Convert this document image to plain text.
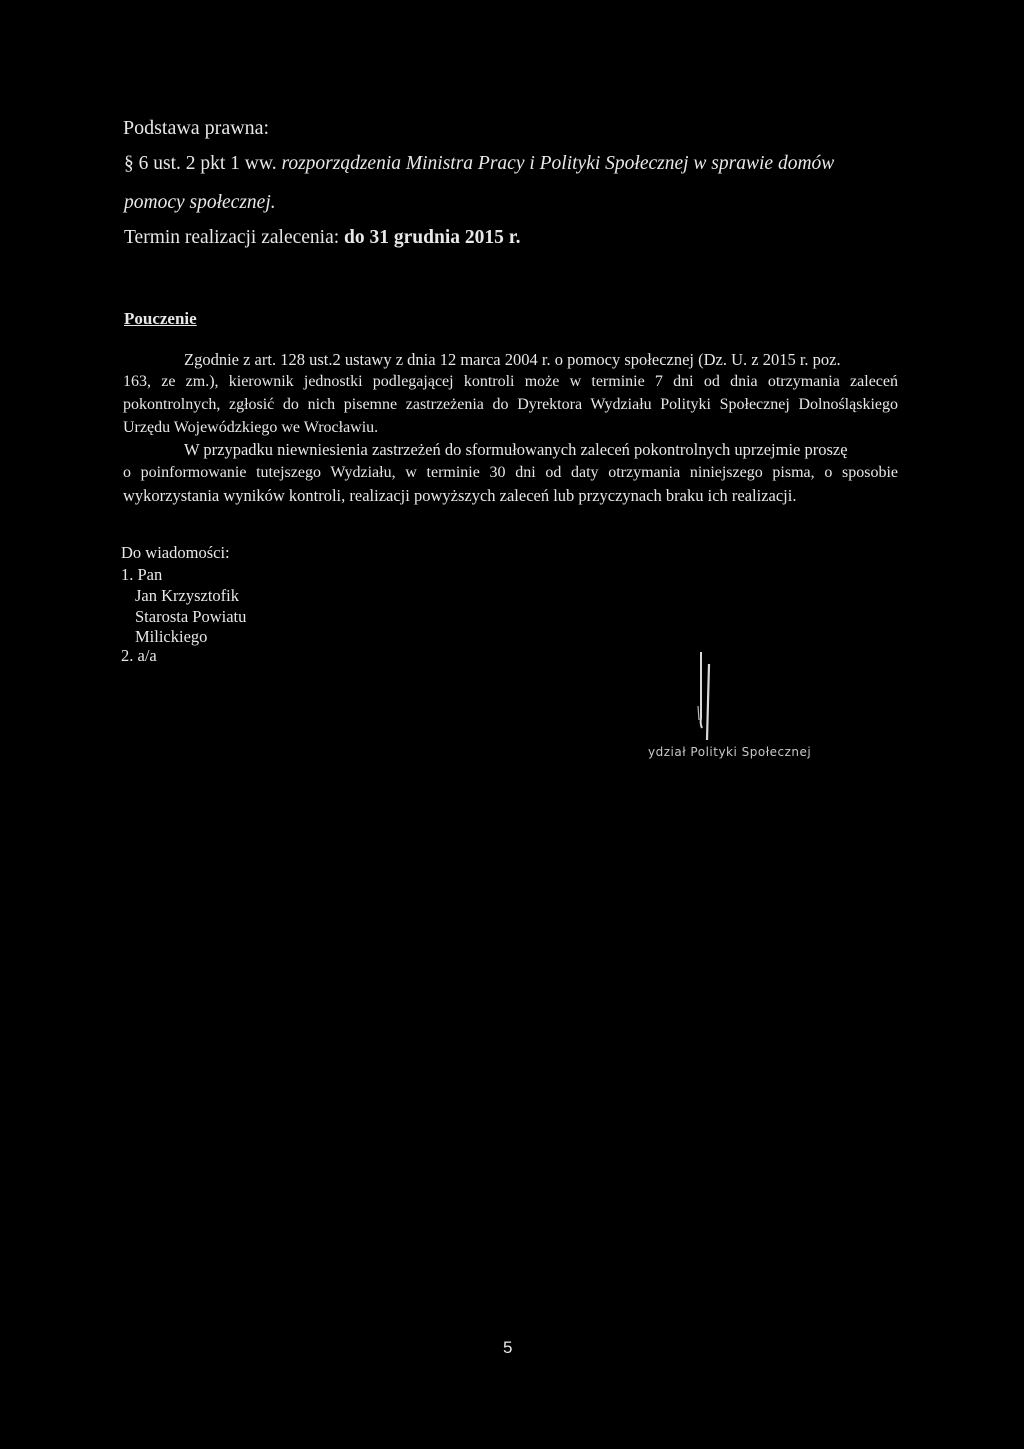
Podstawa prawna:
§ 6 ust. 2 pkt 1 ww. rozporządzenia Ministra Pracy i Polityki Społecznej w sprawie domów
pomocy społecznej.
Termin realizacji zalecenia: do 31 grudnia 2015 r.
Pouczenie
Zgodnie z art. 128 ust.2 ustawy z dnia 12 marca 2004 r. o pomocy społecznej (Dz. U. z 2015 r. poz.
163, ze zm.), kierownik jednostki podlegającej kontroli może w terminie 7 dni od dnia otrzymania zaleceń
pokontrolnych, zgłosić do nich pisemne zastrzeżenia do Dyrektora Wydziału Polityki Społecznej Dolnośląskiego
Urzędu Wojewódzkiego we Wrocławiu.
W przypadku niewniesienia zastrzeżeń do sformułowanych zaleceń pokontrolnych uprzejmie proszę
o poinformowanie tutejszego Wydziału, w terminie 30 dni od daty otrzymania niniejszego pisma, o sposobie
wykorzystania wyników kontroli, realizacji powyższych zaleceń lub przyczynach braku ich realizacji.
Do wiadomości:
1. Pan
Jan Krzysztofik
Starosta Powiatu
Milickiego
2. a/a
ydział Polityki Społecznej
5
